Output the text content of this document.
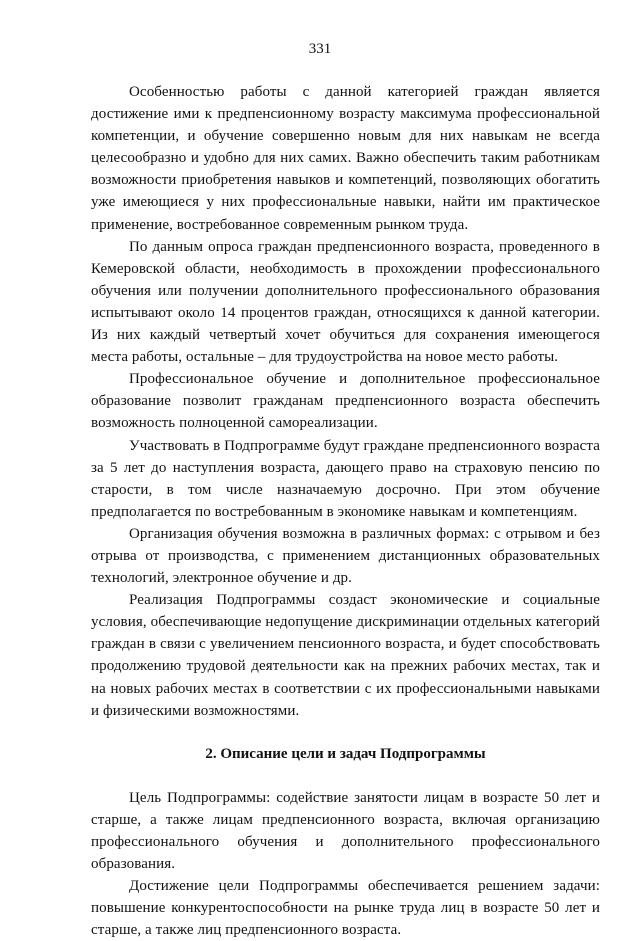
331

Особенностью работы с данной категорией граждан является достижение ими к предпенсионному возрасту максимума профессиональной компетенции, и обучение совершенно новым для них навыкам не всегда целесообразно и удобно для них самих. Важно обеспечить таким работникам возможности приобретения навыков и компетенций, позволяющих обогатить уже имеющиеся у них профессиональные навыки, найти им практическое применение, востребованное современным рынком труда.

По данным опроса граждан предпенсионного возраста, проведенного в Кемеровской области, необходимость в прохождении профессионального обучения или получении дополнительного профессионального образования испытывают около 14 процентов граждан, относящихся к данной категории. Из них каждый четвертый хочет обучиться для сохранения имеющегося места работы, остальные – для трудоустройства на новое место работы.

Профессиональное обучение и дополнительное профессиональное образование позволит гражданам предпенсионного возраста обеспечить возможность полноценной самореализации.

Участвовать в Подпрограмме будут граждане предпенсионного возраста за 5 лет до наступления возраста, дающего право на страховую пенсию по старости, в том числе назначаемую досрочно. При этом обучение предполагается по востребованным в экономике навыкам и компетенциям.

Организация обучения возможна в различных формах: с отрывом и без отрыва от производства, с применением дистанционных образовательных технологий, электронное обучение и др.

Реализация Подпрограммы создаст экономические и социальные условия, обеспечивающие недопущение дискриминации отдельных категорий граждан в связи с увеличением пенсионного возраста, и будет способствовать продолжению трудовой деятельности как на прежних рабочих местах, так и на новых рабочих местах в соответствии с их профессиональными навыками и физическими возможностями.

2. Описание цели и задач Подпрограммы

Цель Подпрограммы: содействие занятости лицам в возрасте 50 лет и старше, а также лицам предпенсионного возраста, включая организацию профессионального обучения и дополнительного профессионального образования.

Достижение цели Подпрограммы обеспечивается решением задачи: повышение конкурентоспособности на рынке труда лиц в возрасте 50 лет и старше, а также лиц предпенсионного возраста.
